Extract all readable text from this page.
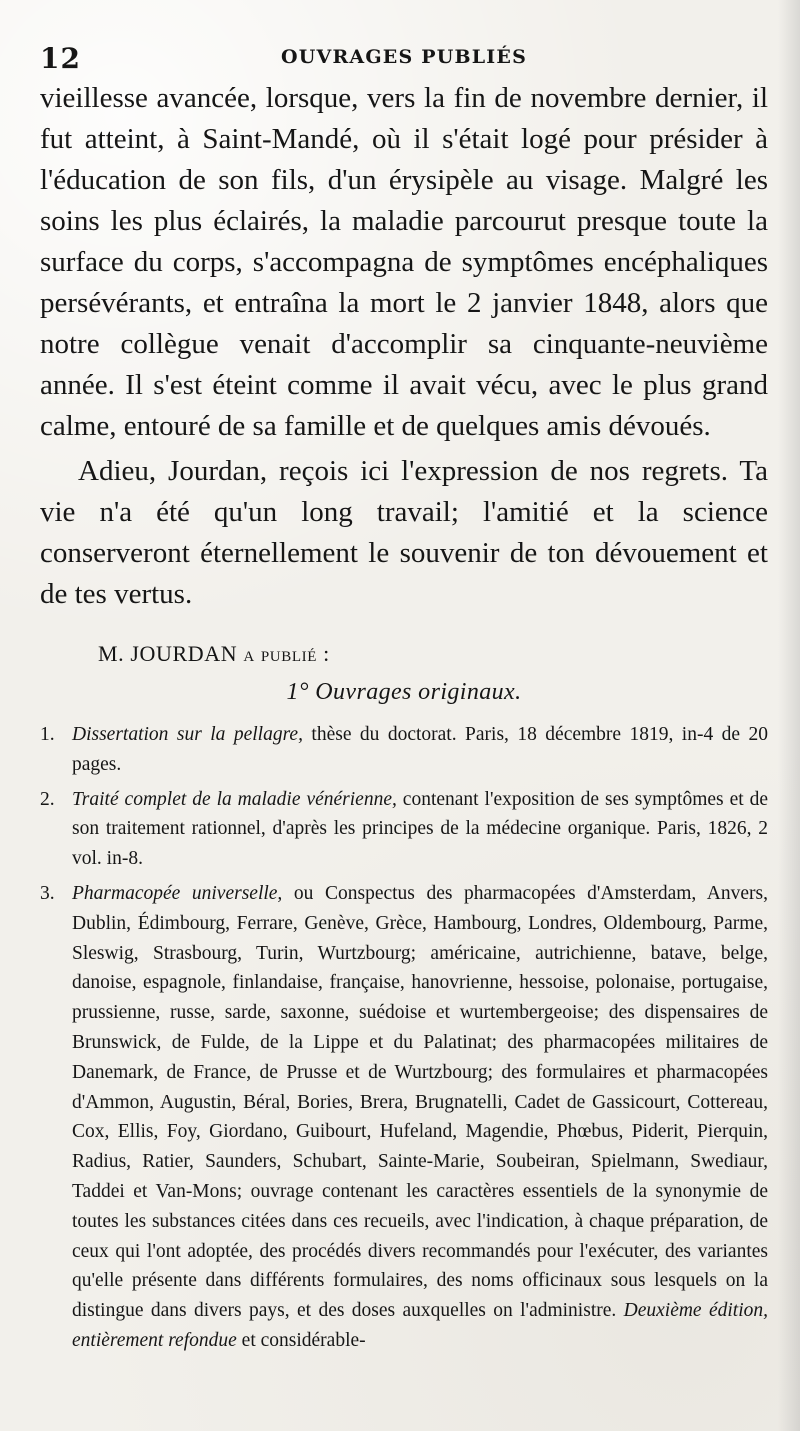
12	OUVRAGES PUBLIÉS

vieillesse avancée, lorsque, vers la fin de novembre dernier, il fut atteint, à Saint-Mandé, où il s'était logé pour présider à l'éducation de son fils, d'un érysipèle au visage. Malgré les soins les plus éclairés, la maladie parcourut presque toute la surface du corps, s'accompagna de symptômes encéphaliques persévérants, et entraîna la mort le 2 janvier 1848, alors que notre collègue venait d'accomplir sa cinquante-neuvième année. Il s'est éteint comme il avait vécu, avec le plus grand calme, entouré de sa famille et de quelques amis dévoués.

Adieu, Jourdan, reçois ici l'expression de nos regrets. Ta vie n'a été qu'un long travail; l'amitié et la science conserveront éternellement le souvenir de ton dévouement et de tes vertus.

M. JOURDAN a publié :
1° Ouvrages originaux.
1. Dissertation sur la pellagre, thèse du doctorat. Paris, 18 décembre 1819, in-4 de 20 pages.
2. Traité complet de la maladie vénérienne, contenant l'exposition de ses symptômes et de son traitement rationnel, d'après les principes de la médecine organique. Paris, 1826, 2 vol. in-8.
3. Pharmacopée universelle, ou Conspectus des pharmacopées d'Amsterdam, Anvers, Dublin, Édimbourg, Ferrare, Genève, Grèce, Hambourg, Londres, Oldembourg, Parme, Sleswig, Strasbourg, Turin, Wurtzbourg; américaine, autrichienne, batave, belge, danoise, espagnole, finlandaise, française, hanovrienne, hessoise, polonaise, portugaise, prussienne, russe, sarde, saxonne, suédoise et wurtembergeoise; des dispensaires de Brunswick, de Fulde, de la Lippe et du Palatinat; des pharmacopées militaires de Danemark, de France, de Prusse et de Wurtzbourg; des formulaires et pharmacopées d'Ammon, Augustin, Béral, Bories, Brera, Brugnatelli, Cadet de Gassicourt, Cottereau, Cox, Ellis, Foy, Giordano, Guibourt, Hufeland, Magendie, Phœbus, Piderit, Pierquin, Radius, Ratier, Saunders, Schubart, Sainte-Marie, Soubeiran, Spielmann, Swediaur, Taddei et Van-Mons; ouvrage contenant les caractères essentiels de la synonymie de toutes les substances citées dans ces recueils, avec l'indication, à chaque préparation, de ceux qui l'ont adoptée, des procédés divers recommandés pour l'exécuter, des variantes qu'elle présente dans différents formulaires, des noms officinaux sous lesquels on la distingue dans divers pays, et des doses auxquelles on l'administre. Deuxième édition, entièrement refondue et considérable-
